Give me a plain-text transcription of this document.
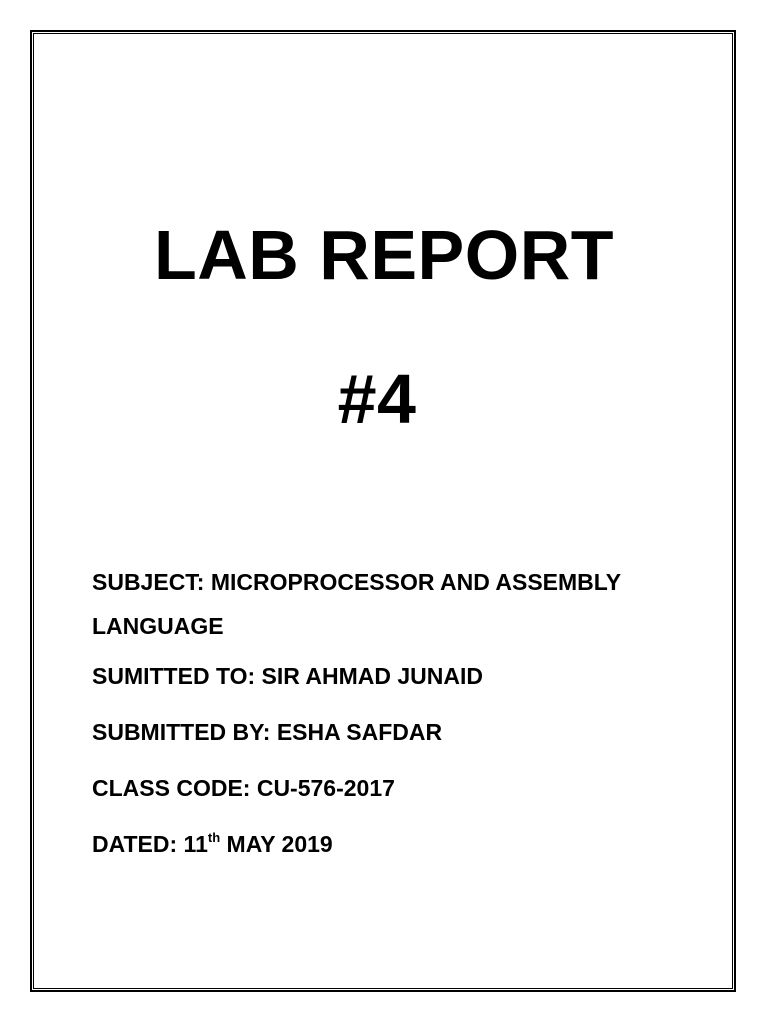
LAB REPORT
#4

SUBJECT: MICROPROCESSOR AND ASSEMBLY LANGUAGE

SUMITTED TO: SIR AHMAD JUNAID

SUBMITTED BY: ESHA SAFDAR

CLASS CODE: CU-576-2017

DATED: 11th MAY 2019
